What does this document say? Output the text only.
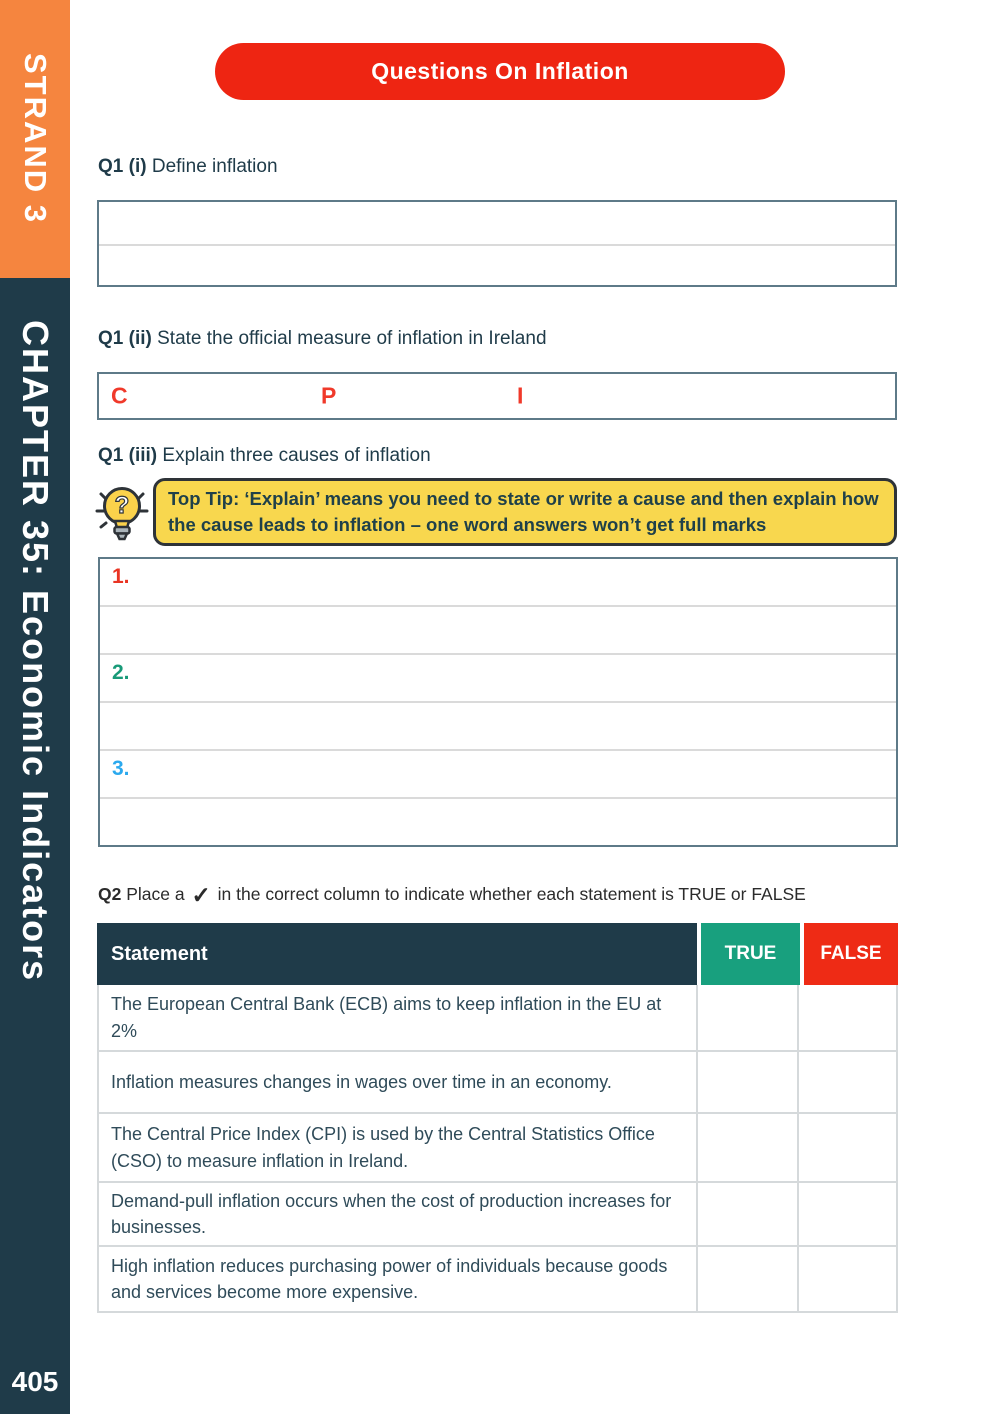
STRAND 3
CHAPTER 35: Economic Indicators
405
Questions On Inflation
Q1 (i) Define inflation
Q1 (ii) State the official measure of inflation in Ireland
C	P	I
Q1 (iii) Explain three causes of inflation
? Top Tip: ‘Explain’ means you need to state or write a cause and then explain how the cause leads to inflation – one word answers won’t get full marks
1.
2.
3.
Q2 Place a ✓ in the correct column to indicate whether each statement is TRUE or FALSE
Statement	TRUE	FALSE
The European Central Bank (ECB) aims to keep inflation in the EU at 2%
Inflation measures changes in wages over time in an economy.
The Central Price Index (CPI) is used by the Central Statistics Office (CSO) to measure inflation in Ireland.
Demand-pull inflation occurs when the cost of production increases for businesses.
High inflation reduces purchasing power of individuals because goods and services become more expensive.
